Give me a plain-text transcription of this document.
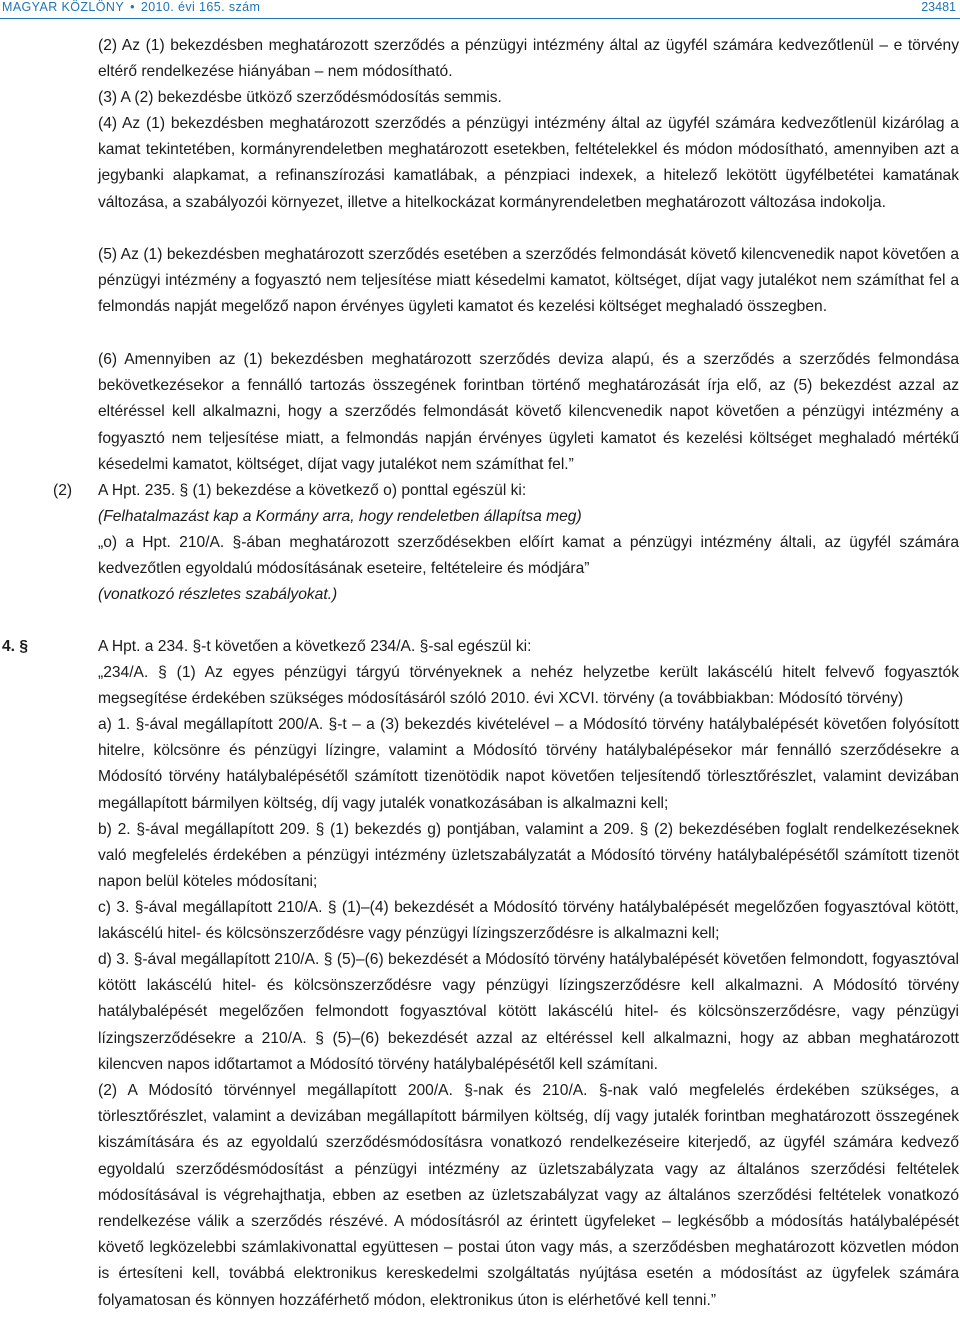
MAGYAR KÖZLÖNY • 2010. évi 165. szám	23481

(2) Az (1) bekezdésben meghatározott szerződés a pénzügyi intézmény által az ügyfél számára kedvezőtlenül – e törvény eltérő rendelkezése hiányában – nem módosítható.

(3) A (2) bekezdésbe ütköző szerződésmódosítás semmis.

(4) Az (1) bekezdésben meghatározott szerződés a pénzügyi intézmény által az ügyfél számára kedvezőtlenül kizárólag a kamat tekintetében, kormányrendeletben meghatározott esetekben, feltételekkel és módon módosítható, amennyiben azt a jegybanki alapkamat, a refinanszírozási kamatlábak, a pénzpiaci indexek, a hitelező lekötött ügyfélbetétei kamatának változása, a szabályozói környezet, illetve a hitelkockázat kormányrendeletben meghatározott változása indokolja.

(5) Az (1) bekezdésben meghatározott szerződés esetében a szerződés felmondását követő kilencvenedik napot követően a pénzügyi intézmény a fogyasztó nem teljesítése miatt késedelmi kamatot, költséget, díjat vagy jutalékot nem számíthat fel a felmondás napját megelőző napon érvényes ügyleti kamatot és kezelési költséget meghaladó összegben.

(6) Amennyiben az (1) bekezdésben meghatározott szerződés deviza alapú, és a szerződés a szerződés felmondása bekövetkezésekor a fennálló tartozás összegének forintban történő meghatározását írja elő, az (5) bekezdést azzal az eltéréssel kell alkalmazni, hogy a szerződés felmondását követő kilencvenedik napot követően a pénzügyi intézmény a fogyasztó nem teljesítése miatt, a felmondás napján érvényes ügyleti kamatot és kezelési költséget meghaladó mértékű késedelmi kamatot, költséget, díjat vagy jutalékot nem számíthat fel.”

(2) A Hpt. 235. § (1) bekezdése a következő o) ponttal egészül ki:

(Felhatalmazást kap a Kormány arra, hogy rendeletben állapítsa meg)

„o) a Hpt. 210/A. §-ában meghatározott szerződésekben előírt kamat a pénzügyi intézmény általi, az ügyfél számára kedvezőtlen egyoldalú módosításának eseteire, feltételeire és módjára”

(vonatkozó részletes szabályokat.)

4. §	A Hpt. a 234. §-t követően a következő 234/A. §-sal egészül ki:

„234/A. § (1) Az egyes pénzügyi tárgyú törvényeknek a nehéz helyzetbe került lakáscélú hitelt felvevő fogyasztók megsegítése érdekében szükséges módosításáról szóló 2010. évi XCVI. törvény (a továbbiakban: Módosító törvény)

a) 1. §-ával megállapított 200/A. §-t – a (3) bekezdés kivételével – a Módosító törvény hatálybalépését követően folyósított hitelre, kölcsönre és pénzügyi lízingre, valamint a Módosító törvény hatálybalépésekor már fennálló szerződésekre a Módosító törvény hatálybalépésétől számított tizenötödik napot követően teljesítendő törlesztőrészlet, valamint devizában megállapított bármilyen költség, díj vagy jutalék vonatkozásában is alkalmazni kell;

b) 2. §-ával megállapított 209. § (1) bekezdés g) pontjában, valamint a 209. § (2) bekezdésében foglalt rendelkezéseknek való megfelelés érdekében a pénzügyi intézmény üzletszabályzatát a Módosító törvény hatálybalépésétől számított tizenöt napon belül köteles módosítani;

c) 3. §-ával megállapított 210/A. § (1)–(4) bekezdését a Módosító törvény hatálybalépését megelőzően fogyasztóval kötött, lakáscélú hitel- és kölcsönszerződésre vagy pénzügyi lízingszerződésre is alkalmazni kell;

d) 3. §-ával megállapított 210/A. § (5)–(6) bekezdését a Módosító törvény hatálybalépését követően felmondott, fogyasztóval kötött lakáscélú hitel- és kölcsönszerződésre vagy pénzügyi lízingszerződésre kell alkalmazni. A Módosító törvény hatálybalépését megelőzően felmondott fogyasztóval kötött lakáscélú hitel- és kölcsönszerződésre, vagy pénzügyi lízingszerződésekre a 210/A. § (5)–(6) bekezdését azzal az eltéréssel kell alkalmazni, hogy az abban meghatározott kilencven napos időtartamot a Módosító törvény hatálybalépésétől kell számítani.

(2) A Módosító törvénnyel megállapított 200/A. §-nak és 210/A. §-nak való megfelelés érdekében szükséges, a törlesztőrészlet, valamint a devizában megállapított bármilyen költség, díj vagy jutalék forintban meghatározott összegének kiszámítására és az egyoldalú szerződésmódosításra vonatkozó rendelkezéseire kiterjedő, az ügyfél számára kedvező egyoldalú szerződésmódosítást a pénzügyi intézmény az üzletszabályzata vagy az általános szerződési feltételek módosításával is végrehajthatja, ebben az esetben az üzletszabályzat vagy az általános szerződési feltételek vonatkozó rendelkezése válik a szerződés részévé. A módosításról az érintett ügyfeleket – legkésőbb a módosítás hatálybalépését követő legközelebbi számlakivonattal együttesen – postai úton vagy más, a szerződésben meghatározott közvetlen módon is értesíteni kell, továbbá elektronikus kereskedelmi szolgáltatás nyújtása esetén a módosítást az ügyfelek számára folyamatosan és könnyen hozzáférhető módon, elektronikus úton is elérhetővé kell tenni.”
